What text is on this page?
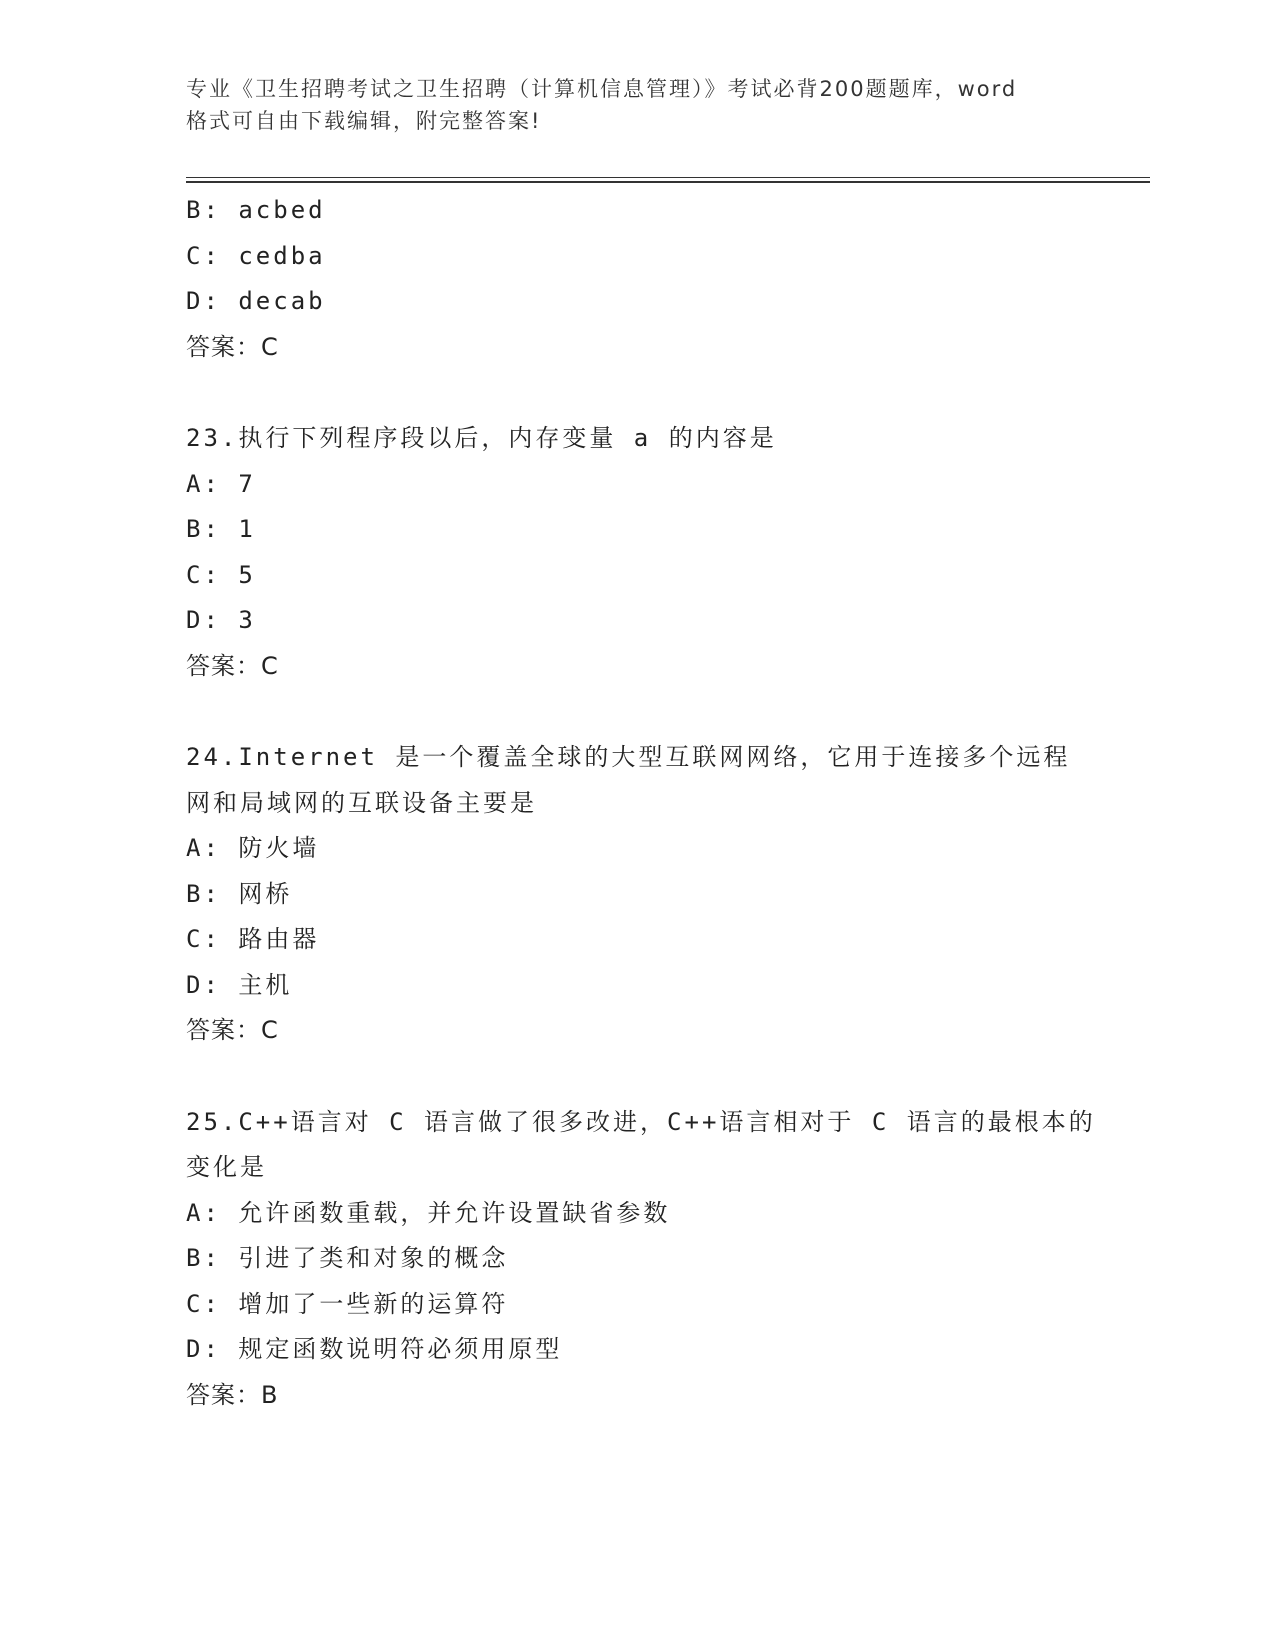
专业《卫生招聘考试之卫生招聘（计算机信息管理）》考试必背200题题库，word
格式可自由下载编辑，附完整答案!
B: acbed
C: cedba
D: decab
答案：C
23.执行下列程序段以后，内存变量 a 的内容是
A: 7
B: 1
C: 5
D: 3
答案：C
24.Internet 是一个覆盖全球的大型互联网网络，它用于连接多个远程
网和局域网的互联设备主要是
A: 防火墙
B: 网桥
C: 路由器
D: 主机
答案：C
25.C++语言对 C 语言做了很多改进，C++语言相对于 C 语言的最根本的
变化是
A: 允许函数重载，并允许设置缺省参数
B: 引进了类和对象的概念
C: 增加了一些新的运算符
D: 规定函数说明符必须用原型
答案：B
